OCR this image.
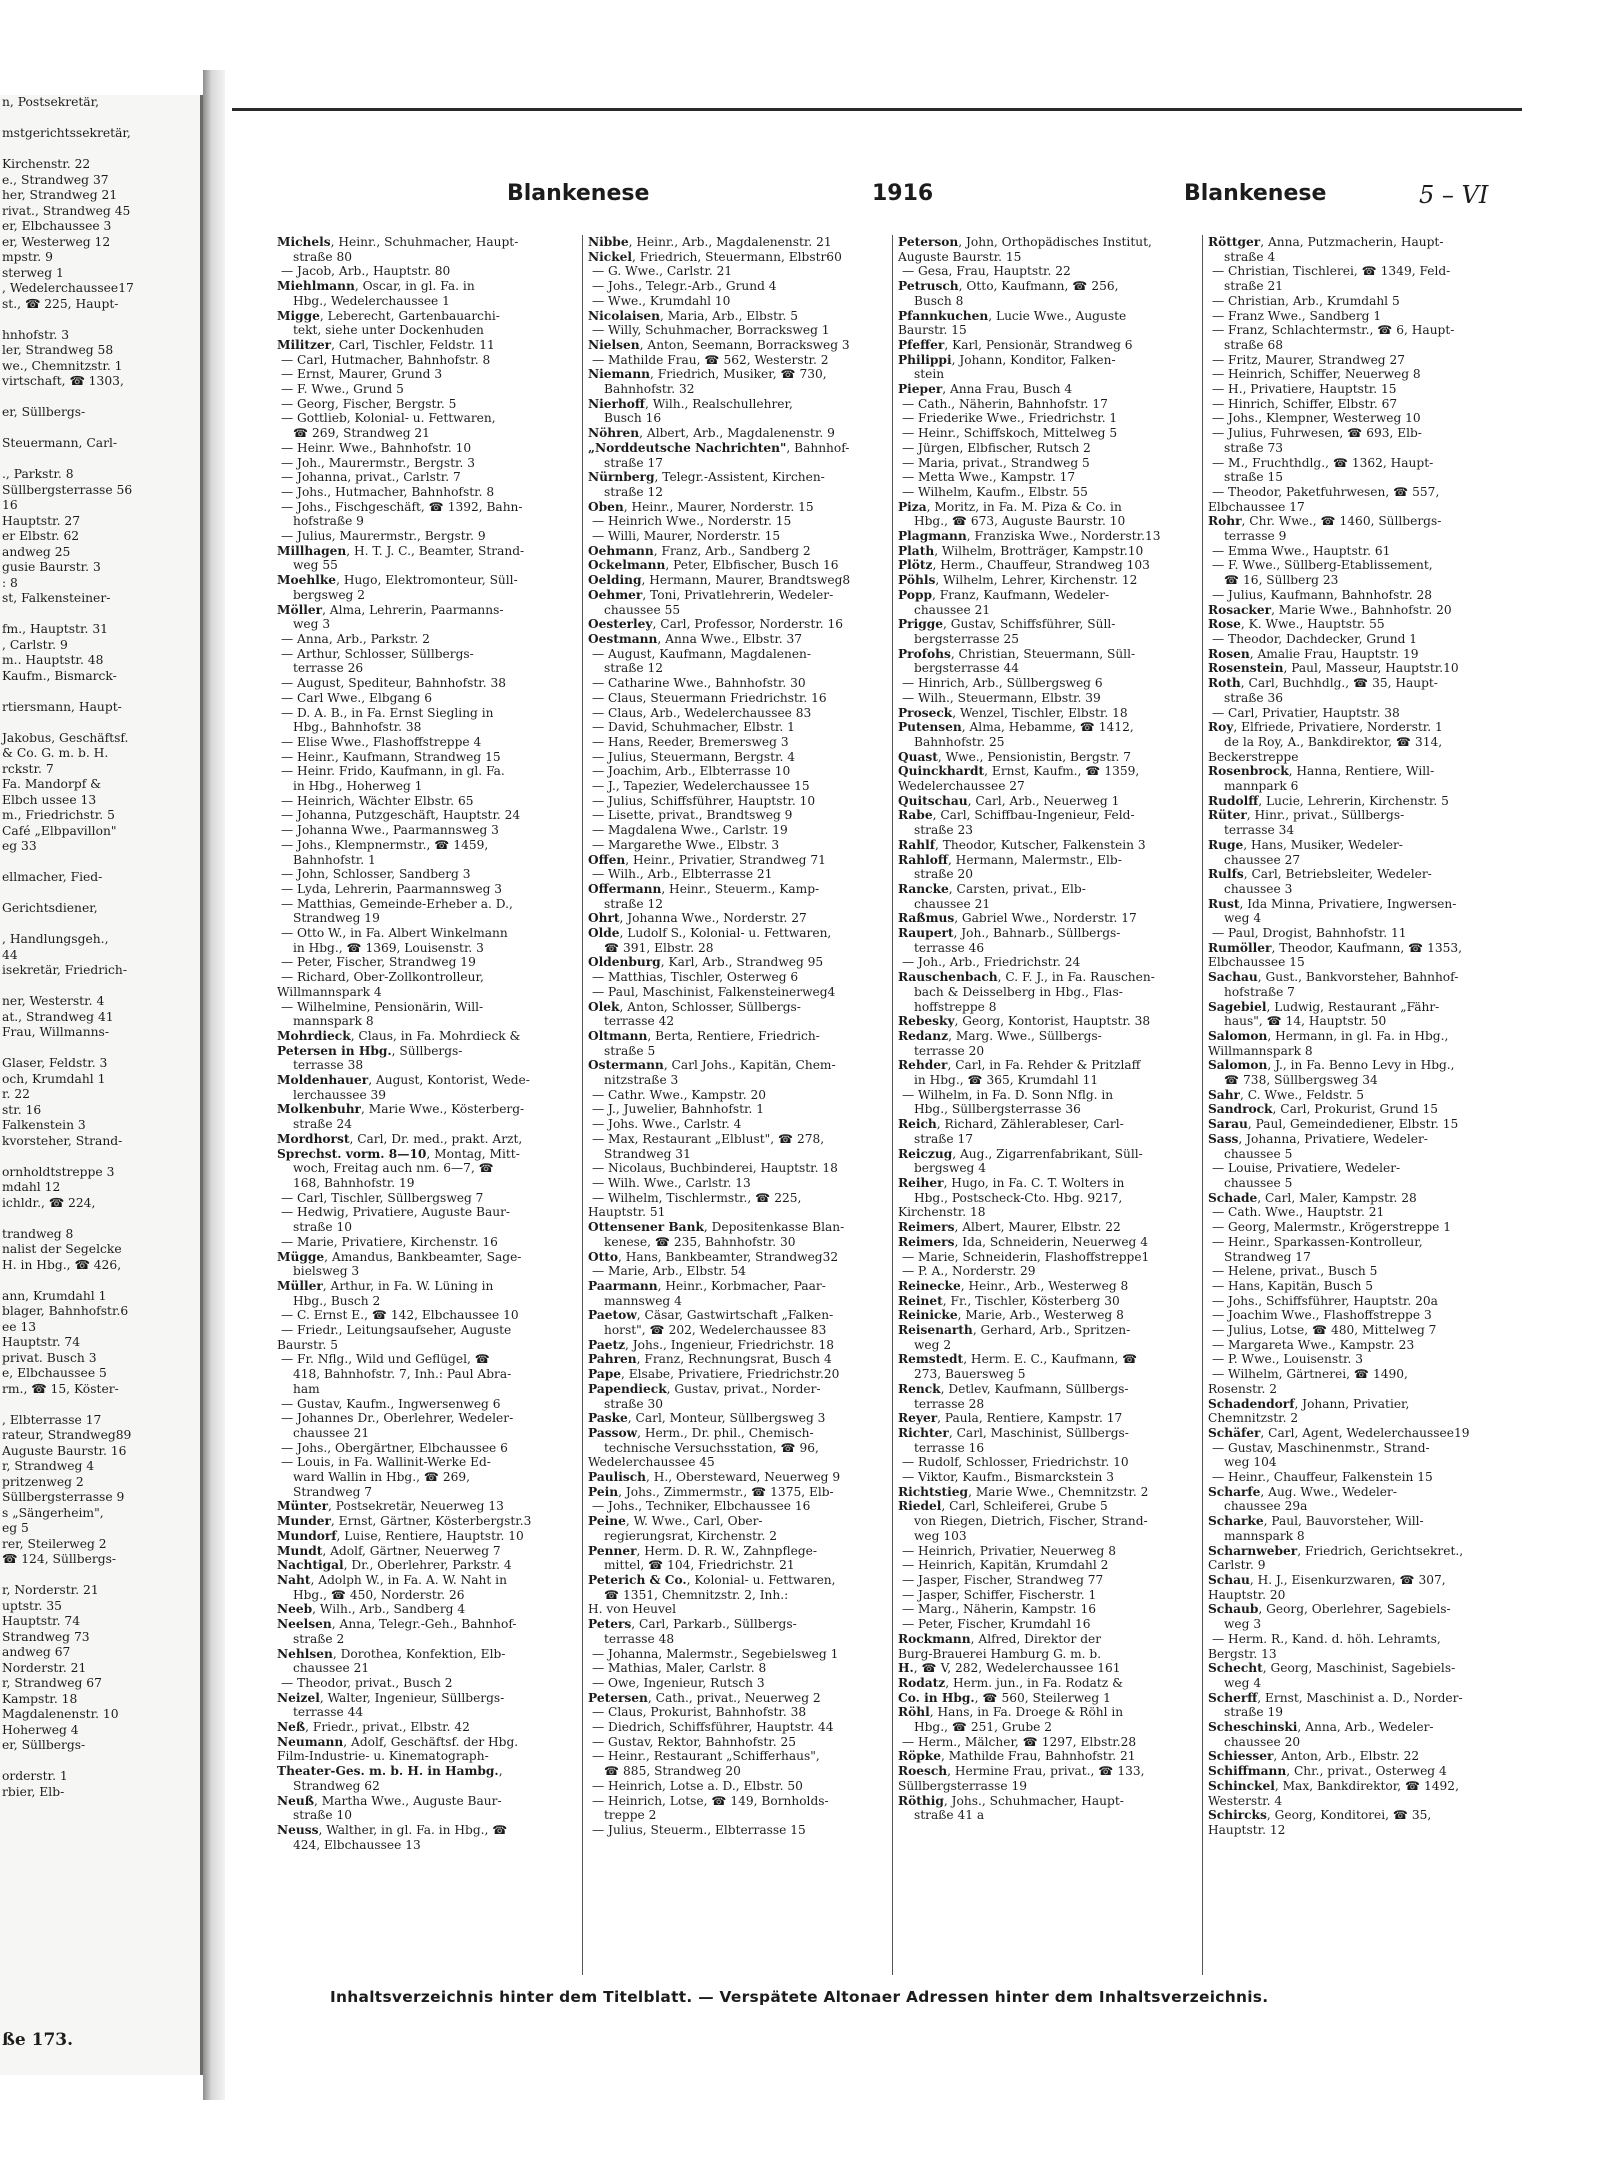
n, Postsekretär,

mstgerichtssekretär,

Kirchenstr. 22
e., Strandweg 37
her, Strandweg 21
rivat., Strandweg 45
er, Elbchaussee 3
er, Westerweg 12
mpstr. 9
sterweg 1
, Wedelerchaussee17
st., ☎ 225, Haupt-

hnhofstr. 3
ler, Strandweg 58
we., Chemnitzstr. 1
virtschaft, ☎ 1303,

er, Süllbergs-

Steuermann, Carl-

., Parkstr. 8
Süllbergsterrasse 56
16
Hauptstr. 27
er Elbstr. 62
andweg 25
gusie Baurstr. 3
: 8
st, Falkensteiner-

fm., Hauptstr. 31
, Carlstr. 9
m.. Hauptstr. 48
Kaufm., Bismarck-

rtiersmann, Haupt-

Jakobus, Geschäftsf.
& Co. G. m. b. H.
rckstr. 7
Fa. Mandorpf &
Elbch ussee 13
m., Friedrichstr. 5
Café „Elbpavillon"
eg 33

ellmacher, Fied-

Gerichtsdiener,

, Handlungsgeh.,
44
isekretär, Friedrich-

ner, Westerstr. 4
at., Strandweg 41
Frau, Willmanns-

Glaser, Feldstr. 3
och, Krumdahl 1
r. 22
str. 16
Falkenstein 3
kvorsteher, Strand-

ornholdtstreppe 3
mdahl 12
ichldr., ☎ 224,

trandweg 8
nalist der Segelcke
H. in Hbg., ☎ 426,

ann, Krumdahl 1
blager, Bahnhofstr.6
ee 13
Hauptstr. 74
privat. Busch 3
e, Elbchaussee 5
rm., ☎ 15, Köster-

, Elbterrasse 17
rateur, Strandweg89
Auguste Baurstr. 16
r, Strandweg 4
pritzenweg 2
Süllbergsterrasse 9
s „Sängerheim",
eg 5
rer, Steilerweg 2
☎ 124, Süllbergs-

r, Norderstr. 21
uptstr. 35
Hauptstr. 74
Strandweg 73
andweg 67
Norderstr. 21
r, Strandweg 67
Kampstr. 18
Magdalenenstr. 10
Hoherweg 4
er, Süllbergs-

orderstr. 1
rbier, Elb-
ße 173.
Blankenese	1916	Blankenese	5 – VI
Michels, Heinr., Schuhmacher, Haupt-
straße 80
— Jacob, Arb., Hauptstr. 80
Miehlmann, Oscar, in gl. Fa. in
Hbg., Wedelerchaussee 1
Migge, Leberecht, Gartenbauarchi-
tekt, siehe unter Dockenhuden
Militzer, Carl, Tischler, Feldstr. 11
— Carl, Hutmacher, Bahnhofstr. 8
— Ernst, Maurer, Grund 3
— F. Wwe., Grund 5
— Georg, Fischer, Bergstr. 5
— Gottlieb, Kolonial- u. Fettwaren,
☎ 269, Strandweg 21
— Heinr. Wwe., Bahnhofstr. 10
— Joh., Maurermstr., Bergstr. 3
— Johanna, privat., Carlstr. 7
— Johs., Hutmacher, Bahnhofstr. 8
— Johs., Fischgeschäft, ☎ 1392, Bahn-
hofstraße 9
— Julius, Maurermstr., Bergstr. 9
Millhagen, H. T. J. C., Beamter, Strand-
weg 55
Moehlke, Hugo, Elektromonteur, Süll-
bergsweg 2
Möller, Alma, Lehrerin, Paarmanns-
weg 3
— Anna, Arb., Parkstr. 2
— Arthur, Schlosser, Süllbergs-
terrasse 26
— August, Spediteur, Bahnhofstr. 38
— Carl Wwe., Elbgang 6
— D. A. B., in Fa. Ernst Siegling in
Hbg., Bahnhofstr. 38
— Elise Wwe., Flashoffstreppe 4
— Heinr., Kaufmann, Strandweg 15
— Heinr. Frido, Kaufmann, in gl. Fa.
in Hbg., Hoherweg 1
— Heinrich, Wächter Elbstr. 65
— Johanna, Putzgeschäft, Hauptstr. 24
— Johanna Wwe., Paarmannsweg 3
— Johs., Klempnermstr., ☎ 1459,
Bahnhofstr. 1
— John, Schlosser, Sandberg 3
— Lyda, Lehrerin, Paarmannsweg 3
— Matthias, Gemeinde-Erheber a. D.,
Strandweg 19
— Otto W., in Fa. Albert Winkelmann
in Hbg., ☎ 1369, Louisenstr. 3
— Peter, Fischer, Strandweg 19
— Richard, Ober-Zollkontrolleur,
Willmannspark 4
— Wilhelmine, Pensionärin, Will-
mannspark 8
Mohrdieck, Claus, in Fa. Mohrdieck &
Petersen in Hbg., Süllbergs-
terrasse 38
Moldenhauer, August, Kontorist, Wede-
lerchaussee 39
Molkenbuhr, Marie Wwe., Kösterberg-
straße 24
Mordhorst, Carl, Dr. med., prakt. Arzt,
Sprechst. vorm. 8—10, Montag, Mitt-
woch, Freitag auch nm. 6—7, ☎
168, Bahnhofstr. 19
— Carl, Tischler, Süllbergsweg 7
— Hedwig, Privatiere, Auguste Baur-
straße 10
— Marie, Privatiere, Kirchenstr. 16
Mügge, Amandus, Bankbeamter, Sage-
bielsweg 3
Müller, Arthur, in Fa. W. Lüning in
Hbg., Busch 2
— C. Ernst E., ☎ 142, Elbchaussee 10
— Friedr., Leitungsaufseher, Auguste
Baurstr. 5
— Fr. Nflg., Wild und Geflügel, ☎
418, Bahnhofstr. 7, Inh.: Paul Abra-
ham
— Gustav, Kaufm., Ingwersenweg 6
— Johannes Dr., Oberlehrer, Wedeler-
chaussee 21
— Johs., Obergärtner, Elbchaussee 6
— Louis, in Fa. Wallinit-Werke Ed-
ward Wallin in Hbg., ☎ 269,
Strandweg 7
Münter, Postsekretär, Neuerweg 13
Munder, Ernst, Gärtner, Kösterbergstr.3
Mundorf, Luise, Rentiere, Hauptstr. 10
Mundt, Adolf, Gärtner, Neuerweg 7
Nachtigal, Dr., Oberlehrer, Parkstr. 4
Naht, Adolph W., in Fa. A. W. Naht in
Hbg., ☎ 450, Norderstr. 26
Neeb, Wilh., Arb., Sandberg 4
Neelsen, Anna, Telegr.-Geh., Bahnhof-
straße 2
Nehlsen, Dorothea, Konfektion, Elb-
chaussee 21
— Theodor, privat., Busch 2
Neizel, Walter, Ingenieur, Süllbergs-
terrasse 44
Neß, Friedr., privat., Elbstr. 42
Neumann, Adolf, Geschäftsf. der Hbg.
Film-Industrie- u. Kinematograph-
Theater-Ges. m. b. H. in Hambg.,
Strandweg 62
Neuß, Martha Wwe., Auguste Baur-
straße 10
Neuss, Walther, in gl. Fa. in Hbg., ☎
424, Elbchaussee 13
Nibbe, Heinr., Arb., Magdalenenstr. 21
Nickel, Friedrich, Steuermann, Elbstr60
— G. Wwe., Carlstr. 21
— Johs., Telegr.-Arb., Grund 4
— Wwe., Krumdahl 10
Nicolaisen, Maria, Arb., Elbstr. 5
— Willy, Schuhmacher, Borracksweg 1
Nielsen, Anton, Seemann, Borracksweg 3
— Mathilde Frau, ☎ 562, Westerstr. 2
Niemann, Friedrich, Musiker, ☎ 730,
Bahnhofstr. 32
Nierhoff, Wilh., Realschullehrer,
Busch 16
Nöhren, Albert, Arb., Magdalenenstr. 9
„Norddeutsche Nachrichten", Bahnhof-
straße 17
Nürnberg, Telegr.-Assistent, Kirchen-
straße 12
Oben, Heinr., Maurer, Norderstr. 15
— Heinrich Wwe., Norderstr. 15
— Willi, Maurer, Norderstr. 15
Oehmann, Franz, Arb., Sandberg 2
Ockelmann, Peter, Elbfischer, Busch 16
Oelding, Hermann, Maurer, Brandtsweg8
Oehmer, Toni, Privatlehrerin, Wedeler-
chaussee 55
Oesterley, Carl, Professor, Norderstr. 16
Oestmann, Anna Wwe., Elbstr. 37
— August, Kaufmann, Magdalenen-
straße 12
— Catharine Wwe., Bahnhofstr. 30
— Claus, Steuermann Friedrichstr. 16
— Claus, Arb., Wedelerchaussee 83
— David, Schuhmacher, Elbstr. 1
— Hans, Reeder, Bremersweg 3
— Julius, Steuermann, Bergstr. 4
— Joachim, Arb., Elbterrasse 10
— J., Tapezier, Wedelerchaussee 15
— Julius, Schiffsführer, Hauptstr. 10
— Lisette, privat., Brandtsweg 9
— Magdalena Wwe., Carlstr. 19
— Margarethe Wwe., Elbstr. 3
Offen, Heinr., Privatier, Strandweg 71
— Wilh., Arb., Elbterrasse 21
Offermann, Heinr., Steuerm., Kamp-
straße 12
Ohrt, Johanna Wwe., Norderstr. 27
Olde, Ludolf S., Kolonial- u. Fettwaren,
☎ 391, Elbstr. 28
Oldenburg, Karl, Arb., Strandweg 95
— Matthias, Tischler, Osterweg 6
— Paul, Maschinist, Falkensteinerweg4
Olek, Anton, Schlosser, Süllbergs-
terrasse 42
Oltmann, Berta, Rentiere, Friedrich-
straße 5
Ostermann, Carl Johs., Kapitän, Chem-
nitzstraße 3
— Cathr. Wwe., Kampstr. 20
— J., Juwelier, Bahnhofstr. 1
— Johs. Wwe., Carlstr. 4
— Max, Restaurant „Elblust", ☎ 278,
Strandweg 31
— Nicolaus, Buchbinderei, Hauptstr. 18
— Wilh. Wwe., Carlstr. 13
— Wilhelm, Tischlermstr., ☎ 225,
Hauptstr. 51
Ottensener Bank, Depositenkasse Blan-
kenese, ☎ 235, Bahnhofstr. 30
Otto, Hans, Bankbeamter, Strandweg32
— Marie, Arb., Elbstr. 54
Paarmann, Heinr., Korbmacher, Paar-
mannsweg 4
Paetow, Cäsar, Gastwirtschaft „Falken-
horst", ☎ 202, Wedelerchaussee 83
Paetz, Johs., Ingenieur, Friedrichstr. 18
Pahren, Franz, Rechnungsrat, Busch 4
Pape, Elsabe, Privatiere, Friedrichstr.20
Papendieck, Gustav, privat., Norder-
straße 30
Paske, Carl, Monteur, Süllbergsweg 3
Passow, Herm., Dr. phil., Chemisch-
technische Versuchsstation, ☎ 96,
Wedelerchaussee 45
Paulisch, H., Obersteward, Neuerweg 9
Pein, Johs., Zimmermstr., ☎ 1375, Elb-
— Johs., Techniker, Elbchaussee 16
Peine, W. Wwe., Carl, Ober-
regierungsrat, Kirchenstr. 2
Penner, Herm. D. R. W., Zahnpflege-
mittel, ☎ 104, Friedrichstr. 21
Peterich & Co., Kolonial- u. Fettwaren,
☎ 1351, Chemnitzstr. 2, Inh.:
H. von Heuvel
Peters, Carl, Parkarb., Süllbergs-
terrasse 48
— Johanna, Malermstr., Segebielsweg 1
— Mathias, Maler, Carlstr. 8
— Owe, Ingenieur, Rutsch 3
Petersen, Cath., privat., Neuerweg 2
— Claus, Prokurist, Bahnhofstr. 38
— Diedrich, Schiffsführer, Hauptstr. 44
— Gustav, Rektor, Bahnhofstr. 25
— Heinr., Restaurant „Schifferhaus",
☎ 885, Strandweg 20
— Heinrich, Lotse a. D., Elbstr. 50
— Heinrich, Lotse, ☎ 149, Bornholds-
treppe 2
— Julius, Steuerm., Elbterrasse 15
Peterson, John, Orthopädisches Institut,
Auguste Baurstr. 15
— Gesa, Frau, Hauptstr. 22
Petrusch, Otto, Kaufmann, ☎ 256,
Busch 8
Pfannkuchen, Lucie Wwe., Auguste
Baurstr. 15
Pfeffer, Karl, Pensionär, Strandweg 6
Philippi, Johann, Konditor, Falken-
stein
Pieper, Anna Frau, Busch 4
— Cath., Näherin, Bahnhofstr. 17
— Friederike Wwe., Friedrichstr. 1
— Heinr., Schiffskoch, Mittelweg 5
— Jürgen, Elbfischer, Rutsch 2
— Maria, privat., Strandweg 5
— Metta Wwe., Kampstr. 17
— Wilhelm, Kaufm., Elbstr. 55
Piza, Moritz, in Fa. M. Piza & Co. in
Hbg., ☎ 673, Auguste Baurstr. 10
Plagmann, Franziska Wwe., Norderstr.13
Plath, Wilhelm, Brotträger, Kampstr.10
Plötz, Herm., Chauffeur, Strandweg 103
Pöhls, Wilhelm, Lehrer, Kirchenstr. 12
Popp, Franz, Kaufmann, Wedeler-
chaussee 21
Prigge, Gustav, Schiffsführer, Süll-
bergsterrasse 25
Profohs, Christian, Steuermann, Süll-
bergsterrasse 44
— Hinrich, Arb., Süllbergsweg 6
— Wilh., Steuermann, Elbstr. 39
Proseck, Wenzel, Tischler, Elbstr. 18
Putensen, Alma, Hebamme, ☎ 1412,
Bahnhofstr. 25
Quast, Wwe., Pensionistin, Bergstr. 7
Quinckhardt, Ernst, Kaufm., ☎ 1359,
Wedelerchaussee 27
Quitschau, Carl, Arb., Neuerweg 1
Rabe, Carl, Schiffbau-Ingenieur, Feld-
straße 23
Rahlf, Theodor, Kutscher, Falkenstein 3
Rahloff, Hermann, Malermstr., Elb-
straße 20
Rancke, Carsten, privat., Elb-
chaussee 21
Raßmus, Gabriel Wwe., Norderstr. 17
Raupert, Joh., Bahnarb., Süllbergs-
terrasse 46
— Joh., Arb., Friedrichstr. 24
Rauschenbach, C. F. J., in Fa. Rauschen-
bach & Deisselberg in Hbg., Flas-
hoffstreppe 8
Rebesky, Georg, Kontorist, Hauptstr. 38
Redanz, Marg. Wwe., Süllbergs-
terrasse 20
Rehder, Carl, in Fa. Rehder & Pritzlaff
in Hbg., ☎ 365, Krumdahl 11
— Wilhelm, in Fa. D. Sonn Nflg. in
Hbg., Süllbergsterrasse 36
Reich, Richard, Zählerableser, Carl-
straße 17
Reiczug, Aug., Zigarrenfabrikant, Süll-
bergsweg 4
Reiher, Hugo, in Fa. C. T. Wolters in
Hbg., Postscheck-Cto. Hbg. 9217,
Kirchenstr. 18
Reimers, Albert, Maurer, Elbstr. 22
Reimers, Ida, Schneiderin, Neuerweg 4
— Marie, Schneiderin, Flashoffstreppe1
— P. A., Norderstr. 29
Reinecke, Heinr., Arb., Westerweg 8
Reinet, Fr., Tischler, Kösterberg 30
Reinicke, Marie, Arb., Westerweg 8
Reisenarth, Gerhard, Arb., Spritzen-
weg 2
Remstedt, Herm. E. C., Kaufmann, ☎
273, Bauersweg 5
Renck, Detlev, Kaufmann, Süllbergs-
terrasse 28
Reyer, Paula, Rentiere, Kampstr. 17
Richter, Carl, Maschinist, Süllbergs-
terrasse 16
— Rudolf, Schlosser, Friedrichstr. 10
— Viktor, Kaufm., Bismarckstein 3
Richtstieg, Marie Wwe., Chemnitzstr. 2
Riedel, Carl, Schleiferei, Grube 5
von Riegen, Dietrich, Fischer, Strand-
weg 103
— Heinrich, Privatier, Neuerweg 8
— Heinrich, Kapitän, Krumdahl 2
— Jasper, Fischer, Strandweg 77
— Jasper, Schiffer, Fischerstr. 1
— Marg., Näherin, Kampstr. 16
— Peter, Fischer, Krumdahl 16
Rockmann, Alfred, Direktor der
Burg-Brauerei Hamburg G. m. b.
H., ☎ V, 282, Wedelerchaussee 161
Rodatz, Herm. jun., in Fa. Rodatz &
Co. in Hbg., ☎ 560, Steilerweg 1
Röhl, Hans, in Fa. Droege & Röhl in
Hbg., ☎ 251, Grube 2
— Herm., Mälcher, ☎ 1297, Elbstr.28
Röpke, Mathilde Frau, Bahnhofstr. 21
Roesch, Hermine Frau, privat., ☎ 133,
Süllbergsterrasse 19
Röthig, Johs., Schuhmacher, Haupt-
straße 41 a
Röttger, Anna, Putzmacherin, Haupt-
straße 4
— Christian, Tischlerei, ☎ 1349, Feld-
straße 21
— Christian, Arb., Krumdahl 5
— Franz Wwe., Sandberg 1
— Franz, Schlachtermstr., ☎ 6, Haupt-
straße 68
— Fritz, Maurer, Strandweg 27
— Heinrich, Schiffer, Neuerweg 8
— H., Privatiere, Hauptstr. 15
— Hinrich, Schiffer, Elbstr. 67
— Johs., Klempner, Westerweg 10
— Julius, Fuhrwesen, ☎ 693, Elb-
straße 73
— M., Fruchthdlg., ☎ 1362, Haupt-
straße 15
— Theodor, Paketfuhrwesen, ☎ 557,
Elbchaussee 17
Rohr, Chr. Wwe., ☎ 1460, Süllbergs-
terrasse 9
— Emma Wwe., Hauptstr. 61
— F. Wwe., Süllberg-Etablissement,
☎ 16, Süllberg 23
— Julius, Kaufmann, Bahnhofstr. 28
Rosacker, Marie Wwe., Bahnhofstr. 20
Rose, K. Wwe., Hauptstr. 55
— Theodor, Dachdecker, Grund 1
Rosen, Amalie Frau, Hauptstr. 19
Rosenstein, Paul, Masseur, Hauptstr.10
Roth, Carl, Buchhdlg., ☎ 35, Haupt-
straße 36
— Carl, Privatier, Hauptstr. 38
Roy, Elfriede, Privatiere, Norderstr. 1
de la Roy, A., Bankdirektor, ☎ 314,
Beckerstreppe
Rosenbrock, Hanna, Rentiere, Will-
mannpark 6
Rudolff, Lucie, Lehrerin, Kirchenstr. 5
Rüter, Hinr., privat., Süllbergs-
terrasse 34
Ruge, Hans, Musiker, Wedeler-
chaussee 27
Rulfs, Carl, Betriebsleiter, Wedeler-
chaussee 3
Rust, Ida Minna, Privatiere, Ingwersen-
weg 4
— Paul, Drogist, Bahnhofstr. 11
Rumöller, Theodor, Kaufmann, ☎ 1353,
Elbchaussee 15
Sachau, Gust., Bankvorsteher, Bahnhof-
hofstraße 7
Sagebiel, Ludwig, Restaurant „Fähr-
haus", ☎ 14, Hauptstr. 50
Salomon, Hermann, in gl. Fa. in Hbg.,
Willmannspark 8
Salomon, J., in Fa. Benno Levy in Hbg.,
☎ 738, Süllbergsweg 34
Sahr, C. Wwe., Feldstr. 5
Sandrock, Carl, Prokurist, Grund 15
Sarau, Paul, Gemeindediener, Elbstr. 15
Sass, Johanna, Privatiere, Wedeler-
chaussee 5
— Louise, Privatiere, Wedeler-
chaussee 5
Schade, Carl, Maler, Kampstr. 28
— Cath. Wwe., Hauptstr. 21
— Georg, Malermstr., Krögerstreppe 1
— Heinr., Sparkassen-Kontrolleur,
Strandweg 17
— Helene, privat., Busch 5
— Hans, Kapitän, Busch 5
— Johs., Schiffsführer, Hauptstr. 20a
— Joachim Wwe., Flashoffstreppe 3
— Julius, Lotse, ☎ 480, Mittelweg 7
— Margareta Wwe., Kampstr. 23
— P. Wwe., Louisenstr. 3
— Wilhelm, Gärtnerei, ☎ 1490,
Rosenstr. 2
Schadendorf, Johann, Privatier,
Chemnitzstr. 2
Schäfer, Carl, Agent, Wedelerchaussee19
— Gustav, Maschinenmstr., Strand-
weg 104
— Heinr., Chauffeur, Falkenstein 15
Scharfe, Aug. Wwe., Wedeler-
chaussee 29a
Scharke, Paul, Bauvorsteher, Will-
mannspark 8
Scharnweber, Friedrich, Gerichtsekret.,
Carlstr. 9
Schau, H. J., Eisenkurzwaren, ☎ 307,
Hauptstr. 20
Schaub, Georg, Oberlehrer, Sagebiels-
weg 3
— Herm. R., Kand. d. höh. Lehramts,
Bergstr. 13
Schecht, Georg, Maschinist, Sagebiels-
weg 4
Scherff, Ernst, Maschinist a. D., Norder-
straße 19
Scheschinski, Anna, Arb., Wedeler-
chaussee 20
Schiesser, Anton, Arb., Elbstr. 22
Schiffmann, Chr., privat., Osterweg 4
Schinckel, Max, Bankdirektor, ☎ 1492,
Westerstr. 4
Schircks, Georg, Konditorei, ☎ 35,
Hauptstr. 12
Inhaltsverzeichnis hinter dem Titelblatt. — Verspätete Altonaer Adressen hinter dem Inhaltsverzeichnis.
